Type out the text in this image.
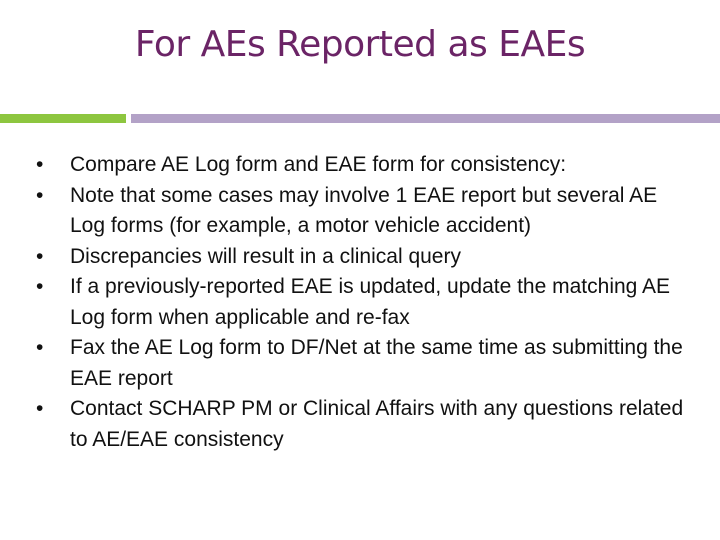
For AEs Reported as EAEs
•	Compare AE Log form and EAE form for consistency:
•	Note that some cases may involve 1 EAE report but several AE Log forms (for example, a motor vehicle accident)
•	Discrepancies will result in a clinical query
•	If a previously-reported EAE is updated, update the matching AE Log form when applicable and re-fax
•	Fax the AE Log form to DF/Net at the same time as submitting the EAE report
•	Contact SCHARP PM or Clinical Affairs with any questions related to AE/EAE consistency
